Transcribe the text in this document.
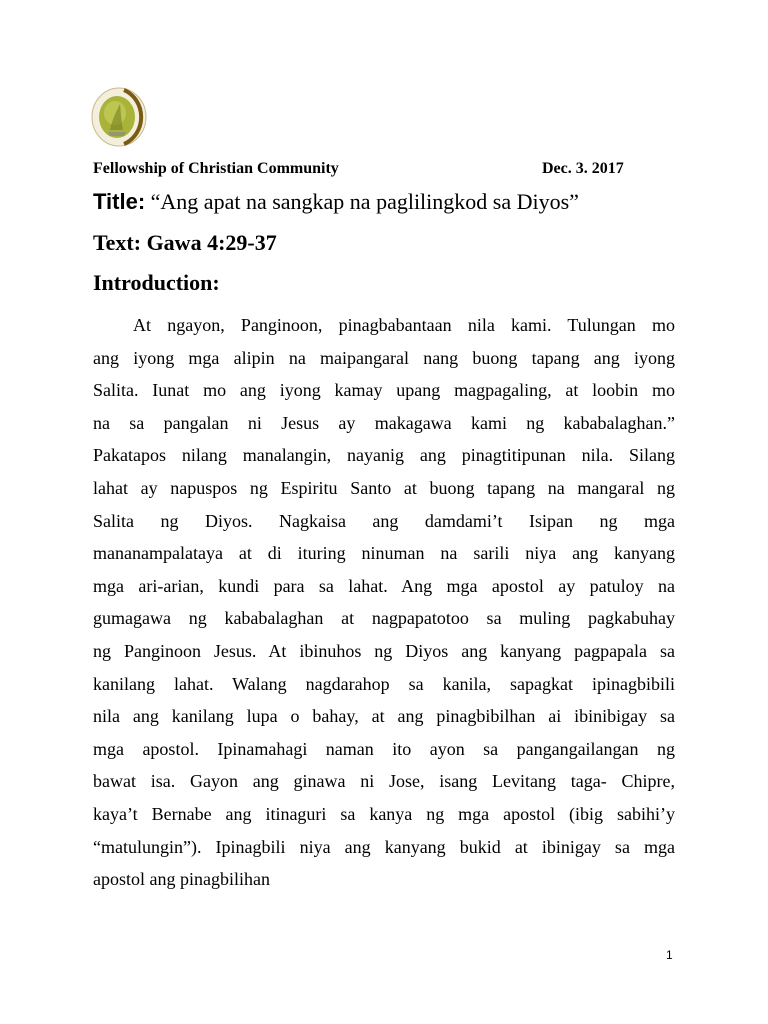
Fellowship of Christian Community	Dec. 3. 2017
Title: “Ang apat na sangkap na paglilingkod sa Diyos”
Text: Gawa 4:29-37
Introduction:
At ngayon, Panginoon, pinagbabantaan nila kami. Tulungan mo
ang iyong mga alipin na maipangaral nang buong tapang ang iyong
Salita. Iunat mo ang iyong kamay upang magpagaling, at loobin mo
na sa pangalan ni Jesus ay makagawa kami ng kababalaghan.”
Pakatapos nilang manalangin, nayanig ang pinagtitipunan nila. Silang
lahat ay napuspos ng Espiritu Santo at buong tapang na mangaral ng
Salita ng Diyos. Nagkaisa ang damdami’t Isipan ng mga
mananampalataya at di ituring ninuman na sarili niya ang kanyang
mga ari-arian, kundi para sa lahat. Ang mga apostol ay patuloy na
gumagawa ng kababalaghan at nagpapatotoo sa muling pagkabuhay
ng Panginoon Jesus. At ibinuhos ng Diyos ang kanyang pagpapala sa
kanilang lahat. Walang nagdarahop sa kanila, sapagkat ipinagbibili
nila ang kanilang lupa o bahay, at ang pinagbibilhan ai ibinibigay sa
mga apostol. Ipinamahagi naman ito ayon sa pangangailangan ng
bawat isa. Gayon ang ginawa ni Jose, isang Levitang taga- Chipre,
kaya’t Bernabe ang itinaguri sa kanya ng mga apostol (ibig sabihi’y
“matulungin”). Ipinagbili niya ang kanyang bukid at ibinigay sa mga
apostol ang pinagbilihan
1
